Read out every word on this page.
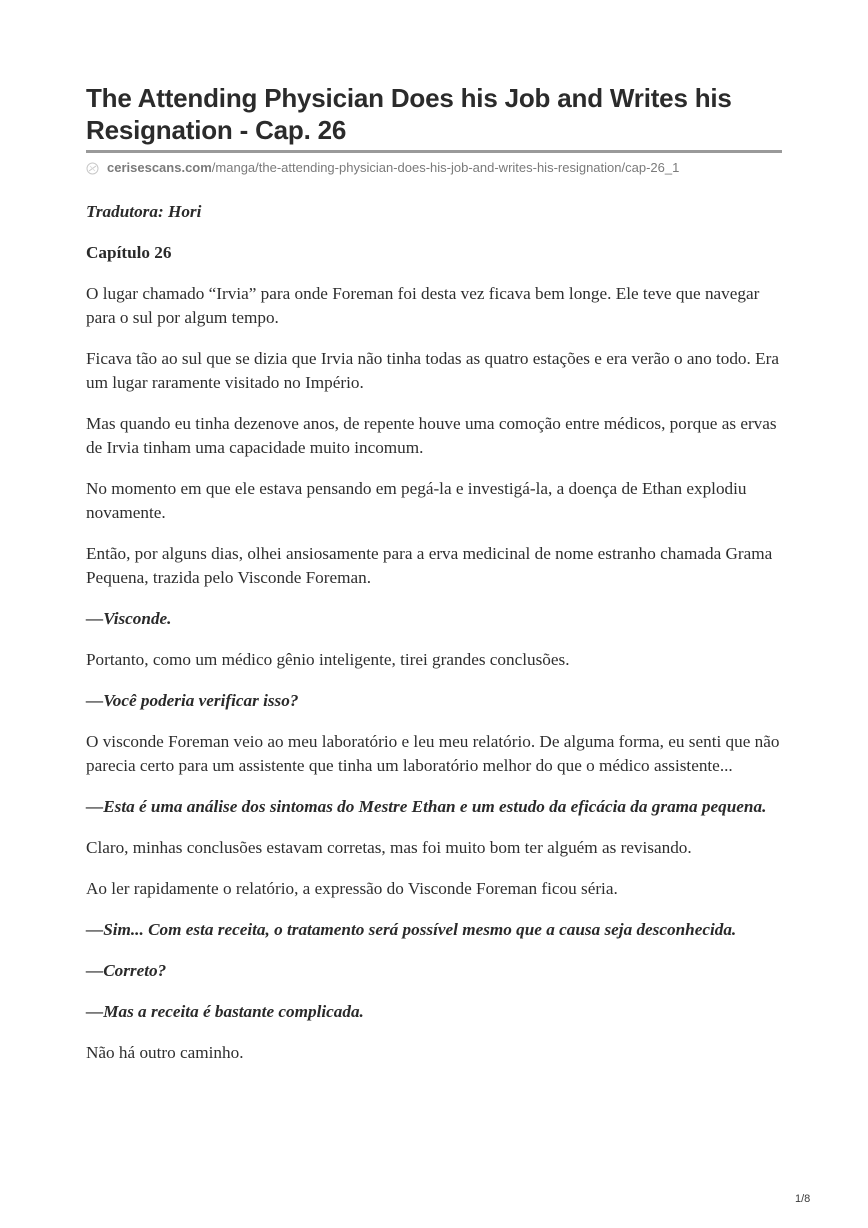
The Attending Physician Does his Job and Writes his Resignation - Cap. 26
cerisescans.com /manga/the-attending-physician-does-his-job-and-writes-his-resignation/cap-26_1

Tradutora: Hori

Capítulo 26

O lugar chamado “Irvia” para onde Foreman foi desta vez ficava bem longe. Ele teve que navegar para o sul por algum tempo.

Ficava tão ao sul que se dizia que Irvia não tinha todas as quatro estações e era verão o ano todo. Era um lugar raramente visitado no Império.

Mas quando eu tinha dezenove anos, de repente houve uma comoção entre médicos, porque as ervas de Irvia tinham uma capacidade muito incomum.

No momento em que ele estava pensando em pegá-la e investigá-la, a doença de Ethan explodiu novamente.

Então, por alguns dias, olhei ansiosamente para a erva medicinal de nome estranho chamada Grama Pequena, trazida pelo Visconde Foreman.

—Visconde.

Portanto, como um médico gênio inteligente, tirei grandes conclusões.

—Você poderia verificar isso?

O visconde Foreman veio ao meu laboratório e leu meu relatório. De alguma forma, eu senti que não parecia certo para um assistente que tinha um laboratório melhor do que o médico assistente...

—Esta é uma análise dos sintomas do Mestre Ethan e um estudo da eficácia da grama pequena.

Claro, minhas conclusões estavam corretas, mas foi muito bom ter alguém as revisando.

Ao ler rapidamente o relatório, a expressão do Visconde Foreman ficou séria.

—Sim... Com esta receita, o tratamento será possível mesmo que a causa seja desconhecida.

—Correto?

—Mas a receita é bastante complicada.

Não há outro caminho.

1/8
